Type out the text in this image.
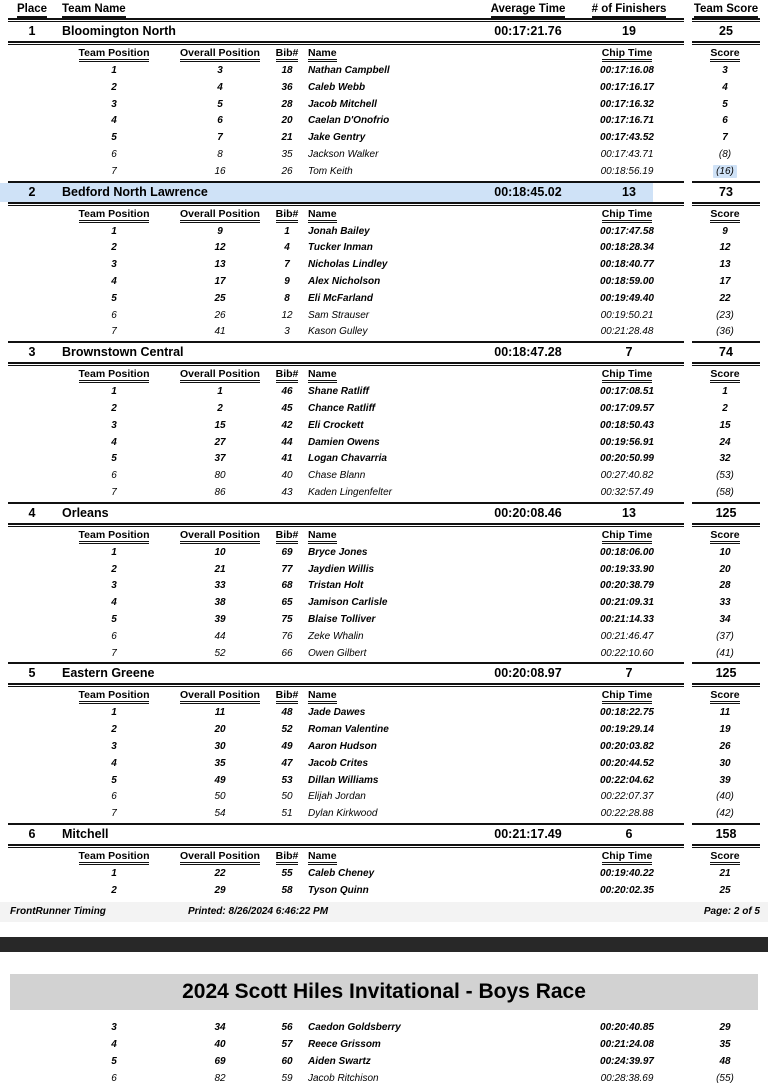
Place	Team Name	Average Time	# of Finishers	Team Score
1	Bloomington North	00:17:21.76	19	25
Team Position	Overall Position	Bib# Name	Chip Time	Score
1	3	18	Nathan Campbell	00:17:16.08	3
2	4	36	Caleb Webb	00:17:16.17	4
3	5	28	Jacob Mitchell	00:17:16.32	5
4	6	20	Caelan D'Onofrio	00:17:16.71	6
5	7	21	Jake Gentry	00:17:43.52	7
6	8	35	Jackson Walker	00:17:43.71	(8)
7	16	26	Tom Keith	00:18:56.19	(16)
2	Bedford North Lawrence	00:18:45.02	13	73
Team Position	Overall Position	Bib# Name	Chip Time	Score
1	9	1	Jonah Bailey	00:17:47.58	9
2	12	4	Tucker Inman	00:18:28.34	12
3	13	7	Nicholas Lindley	00:18:40.77	13
4	17	9	Alex Nicholson	00:18:59.00	17
5	25	8	Eli McFarland	00:19:49.40	22
6	26	12	Sam Strauser	00:19:50.21	(23)
7	41	3	Kason Gulley	00:21:28.48	(36)
3	Brownstown Central	00:18:47.28	7	74
Team Position	Overall Position	Bib# Name	Chip Time	Score
1	1	46	Shane Ratliff	00:17:08.51	1
2	2	45	Chance Ratliff	00:17:09.57	2
3	15	42	Eli Crockett	00:18:50.43	15
4	27	44	Damien Owens	00:19:56.91	24
5	37	41	Logan Chavarria	00:20:50.99	32
6	80	40	Chase Blann	00:27:40.82	(53)
7	86	43	Kaden Lingenfelter	00:32:57.49	(58)
4	Orleans	00:20:08.46	13	125
Team Position	Overall Position	Bib# Name	Chip Time	Score
1	10	69	Bryce Jones	00:18:06.00	10
2	21	77	Jaydien Willis	00:19:33.90	20
3	33	68	Tristan Holt	00:20:38.79	28
4	38	65	Jamison Carlisle	00:21:09.31	33
5	39	75	Blaise Tolliver	00:21:14.33	34
6	44	76	Zeke Whalin	00:21:46.47	(37)
7	52	66	Owen Gilbert	00:22:10.60	(41)
5	Eastern Greene	00:20:08.97	7	125
Team Position	Overall Position	Bib# Name	Chip Time	Score
1	11	48	Jade Dawes	00:18:22.75	11
2	20	52	Roman Valentine	00:19:29.14	19
3	30	49	Aaron Hudson	00:20:03.82	26
4	35	47	Jacob Crites	00:20:44.52	30
5	49	53	Dillan Williams	00:22:04.62	39
6	50	50	Elijah Jordan	00:22:07.37	(40)
7	54	51	Dylan Kirkwood	00:22:28.88	(42)
6	Mitchell	00:21:17.49	6	158
Team Position	Overall Position	Bib# Name	Chip Time	Score
1	22	55	Caleb Cheney	00:19:40.22	21
2	29	58	Tyson Quinn	00:20:02.35	25
FrontRunner Timing	Printed: 8/26/2024 6:46:22 PM	Page: 2 of 5
2024 Scott Hiles Invitational - Boys Race
3	34	56	Caedon Goldsberry	00:20:40.85	29
4	40	57	Reece Grissom	00:21:24.08	35
5	69	60	Aiden Swartz	00:24:39.97	48
6	82	59	Jacob Ritchison	00:28:38.69	(55)
